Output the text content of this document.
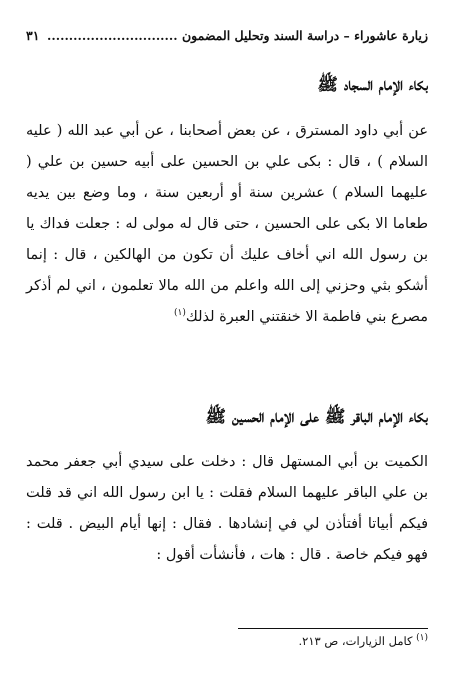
زيارة عاشوراء – دراسة السند وتحليل المضمون ..............................
٣١
بكاء الإمام السجاد ﷺ

عن أبي داود المسترق ، عن بعض أصحابنا ، عن أبي عبد الله ( عليه السلام ) ، قال : بكى علي بن الحسين على أبيه حسين بن علي ( عليهما السلام ) عشرين سنة أو أربعين سنة ، وما وضع بين يديه طعاما الا بكى على الحسين ، حتى قال له مولى له : جعلت فداك يا بن رسول الله اني أخاف عليك أن تكون من الهالكين ، قال : إنما أشكو بثي وحزني إلى الله واعلم من الله مالا تعلمون ، اني لم أذكر مصرع بني فاطمة الا خنقتني العبرة لذلك$^{(١)}$

بكاء الإمام الباقر ﷺ على الإمام الحسين ﷺ

الكميت بن أبي المستهل قال : دخلت على سيدي أبي جعفر محمد بن علي الباقر عليهما السلام فقلت : يا ابن رسول الله اني قد قلت فيكم أبياتا أفتأذن لي في إنشادها . فقال : إنها أيام البيض . قلت : فهو فيكم خاصة . قال : هات ، فأنشأت أقول :

$^{(١)}$ كامل الزيارات، ص ٢١٣.
